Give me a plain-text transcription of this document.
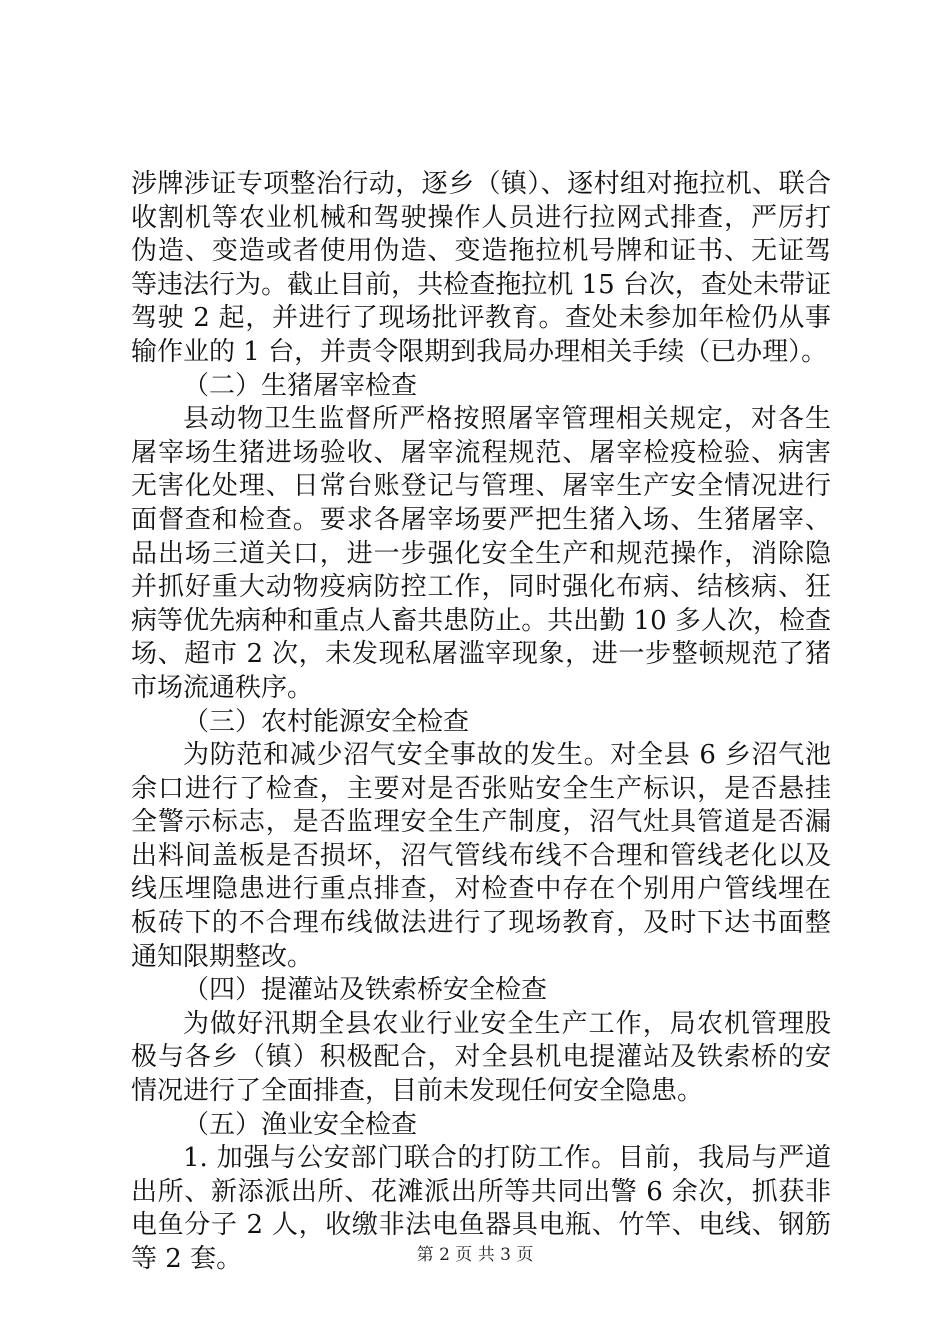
涉牌涉证专项整治行动，逐乡（镇）、逐村组对拖拉机、联合
收割机等农业机械和驾驶操作人员进行拉网式排查，严厉打
伪造、变造或者使用伪造、变造拖拉机号牌和证书、无证驾
等违法行为。截止目前，共检查拖拉机 15 台次，查处未带证
驾驶 2 起，并进行了现场批评教育。查处未参加年检仍从事
输作业的 1 台，并责令限期到我局办理相关手续（已办理）。
（二）生猪屠宰检查
县动物卫生监督所严格按照屠宰管理相关规定，对各生
屠宰场生猪进场验收、屠宰流程规范、屠宰检疫检验、病害
无害化处理、日常台账登记与管理、屠宰生产安全情况进行
面督查和检查。要求各屠宰场要严把生猪入场、生猪屠宰、
品出场三道关口，进一步强化安全生产和规范操作，消除隐
并抓好重大动物疫病防控工作，同时强化布病、结核病、狂
病等优先病种和重点人畜共患防止。共出勤 10 多人次，检查
场、超市 2 次，未发现私屠滥宰现象，进一步整顿规范了猪
市场流通秩序。
（三）农村能源安全检查
为防范和减少沼气安全事故的发生。对全县 6 乡沼气池
余口进行了检查，主要对是否张贴安全生产标识，是否悬挂
全警示标志，是否监理安全生产制度，沼气灶具管道是否漏
出料间盖板是否损坏，沼气管线布线不合理和管线老化以及
线压埋隐患进行重点排查，对检查中存在个别用户管线埋在
板砖下的不合理布线做法进行了现场教育，及时下达书面整
通知限期整改。
（四）提灌站及铁索桥安全检查
为做好汛期全县农业行业安全生产工作，局农机管理股
极与各乡（镇）积极配合，对全县机电提灌站及铁索桥的安
情况进行了全面排查，目前未发现任何安全隐患。
（五）渔业安全检查
1. 加强与公安部门联合的打防工作。目前，我局与严道
出所、新添派出所、花滩派出所等共同出警 6 余次，抓获非
电鱼分子 2 人，收缴非法电鱼器具电瓶、竹竿、电线、钢筋
等 2 套。	第 2 页 共 3 页
